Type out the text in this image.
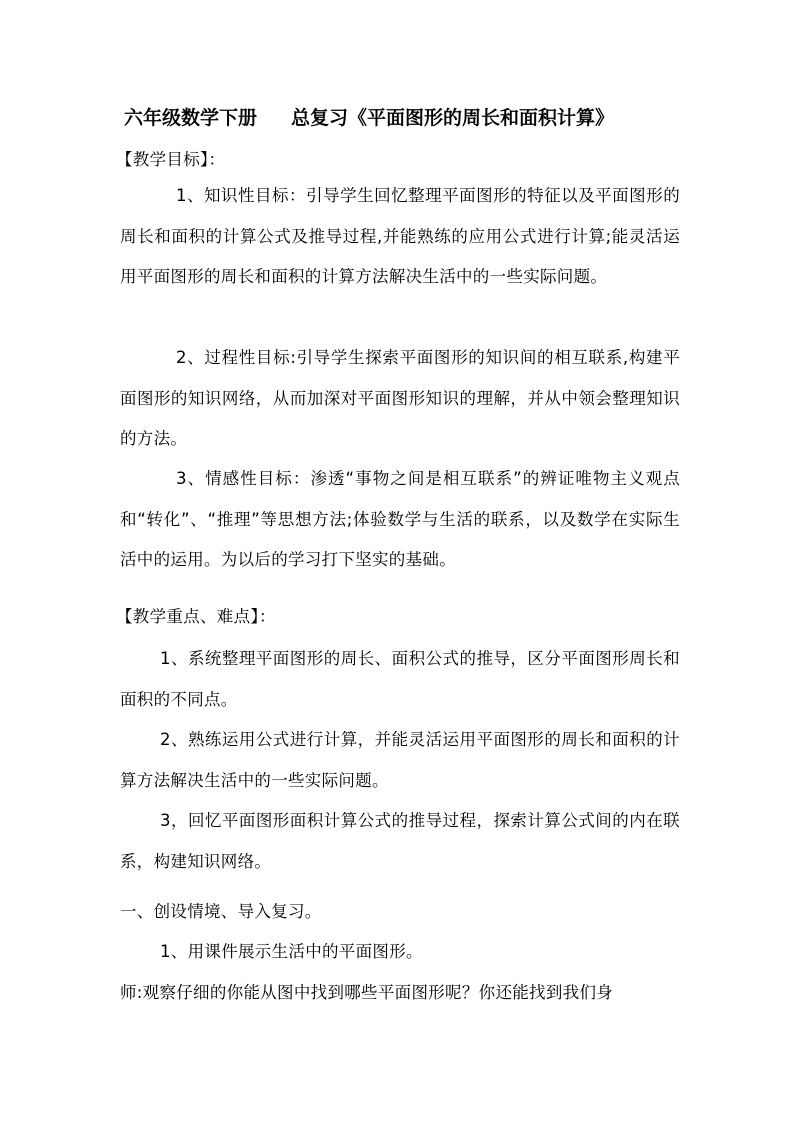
六年级数学下册 总复习《平面图形的周长和面积计算》
【教学目标】：

1、知识性目标：引导学生回忆整理平面图形的特征以及平面图形的周长和面积的计算公式及推导过程,并能熟练的应用公式进行计算;能灵活运用平面图形的周长和面积的计算方法解决生活中的一些实际问题。

2、过程性目标:引导学生探索平面图形的知识间的相互联系,构建平面图形的知识网络，从而加深对平面图形知识的理解，并从中领会整理知识的方法。

3、情感性目标：渗透“事物之间是相互联系”的辨证唯物主义观点和“转化”、“推理”等思想方法;体验数学与生活的联系，以及数学在实际生活中的运用。为以后的学习打下坚实的基础。

【教学重点、难点】：

1、系统整理平面图形的周长、面积公式的推导，区分平面图形周长和面积的不同点。

2、熟练运用公式进行计算，并能灵活运用平面图形的周长和面积的计算方法解决生活中的一些实际问题。

3，回忆平面图形面积计算公式的推导过程，探索计算公式间的内在联系，构建知识网络。

一、创设情境、导入复习。
1、用课件展示生活中的平面图形。
师:观察仔细的你能从图中找到哪些平面图形呢？你还能找到我们身
